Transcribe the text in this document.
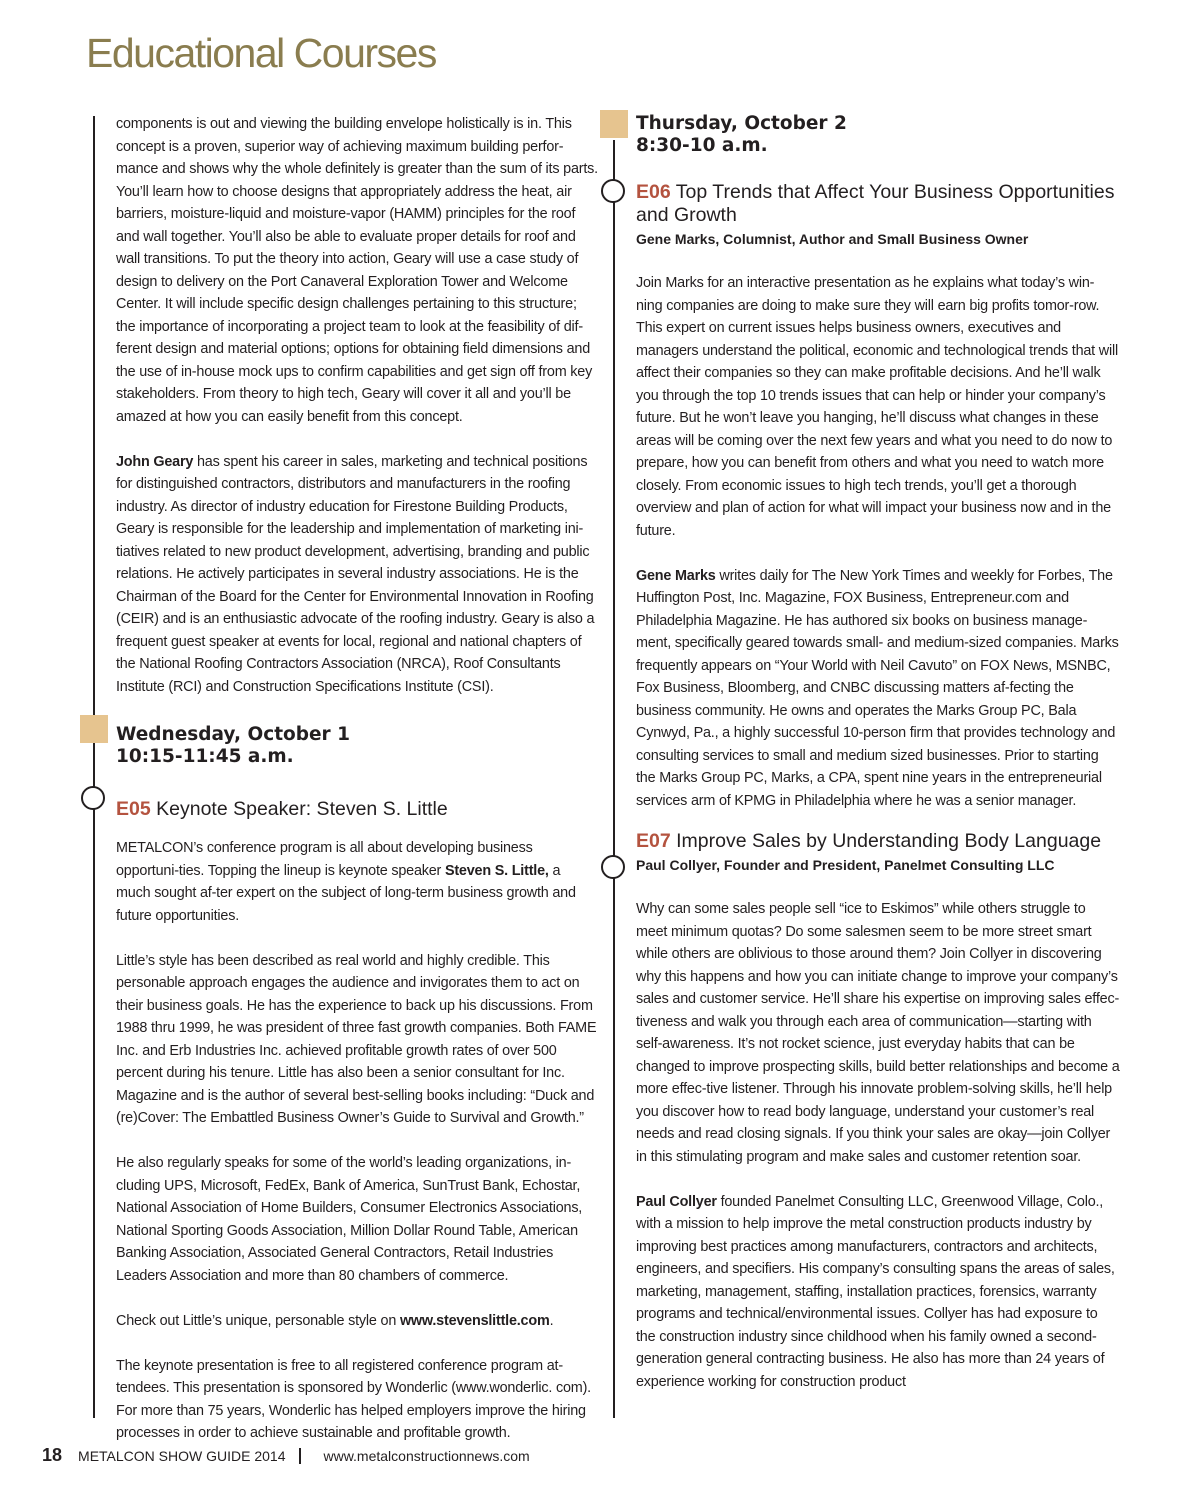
Educational Courses

components is out and viewing the building envelope holistically is in. This concept is a proven, superior way of achieving maximum building perfor-mance and shows why the whole definitely is greater than the sum of its parts. You’ll learn how to choose designs that appropriately address the heat, air barriers, moisture-liquid and moisture-vapor (HAMM) principles for the roof and wall together. You’ll also be able to evaluate proper details for roof and wall transitions. To put the theory into action, Geary will use a case study of design to delivery on the Port Canaveral Exploration Tower and Welcome Center. It will include specific design challenges pertaining to this structure; the importance of incorporating a project team to look at the feasibility of dif-ferent design and material options; options for obtaining field dimensions and the use of in-house mock ups to confirm capabilities and get sign off from key stakeholders. From theory to high tech, Geary will cover it all and you’ll be amazed at how you can easily benefit from this concept.

John Geary has spent his career in sales, marketing and technical positions for distinguished contractors, distributors and manufacturers in the roofing industry. As director of industry education for Firestone Building Products, Geary is responsible for the leadership and implementation of marketing ini-tiatives related to new product development, advertising, branding and public relations. He actively participates in several industry associations. He is the Chairman of the Board for the Center for Environmental Innovation in Roofing (CEIR) and is an enthusiastic advocate of the roofing industry. Geary is also a frequent guest speaker at events for local, regional and national chapters of the National Roofing Contractors Association (NRCA), Roof Consultants Institute (RCI) and Construction Specifications Institute (CSI).

Wednesday, October 1
10:15-11:45 a.m.
E05 Keynote Speaker: Steven S. Little

METALCON’s conference program is all about developing business opportuni-ties. Topping the lineup is keynote speaker Steven S. Little, a much sought af-ter expert on the subject of long-term business growth and future opportunities.

Little’s style has been described as real world and highly credible. This personable approach engages the audience and invigorates them to act on their business goals. He has the experience to back up his discussions. From 1988 thru 1999, he was president of three fast growth companies. Both FAME Inc. and Erb Industries Inc. achieved profitable growth rates of over 500 percent during his tenure. Little has also been a senior consultant for Inc. Magazine and is the author of several best-selling books including: “Duck and (re)Cover: The Embattled Business Owner’s Guide to Survival and Growth.”

He also regularly speaks for some of the world’s leading organizations, in-cluding UPS, Microsoft, FedEx, Bank of America, SunTrust Bank, Echostar, National Association of Home Builders, Consumer Electronics Associations, National Sporting Goods Association, Million Dollar Round Table, American Banking Association, Associated General Contractors, Retail Industries Leaders Association and more than 80 chambers of commerce.

Check out Little’s unique, personable style on www.stevenslittle.com.

The keynote presentation is free to all registered conference program at-tendees. This presentation is sponsored by Wonderlic (www.wonderlic. com). For more than 75 years, Wonderlic has helped employers improve the hiring processes in order to achieve sustainable and profitable growth.

Thursday, October 2
8:30-10 a.m.
E06 Top Trends that Affect Your Business Opportunities and Growth
Gene Marks, Columnist, Author and Small Business Owner

Join Marks for an interactive presentation as he explains what today’s win-ning companies are doing to make sure they will earn big profits tomor-row. This expert on current issues helps business owners, executives and managers understand the political, economic and technological trends that will affect their companies so they can make profitable decisions. And he’ll walk you through the top 10 trends issues that can help or hinder your company’s future. But he won’t leave you hanging, he’ll discuss what changes in these areas will be coming over the next few years and what you need to do now to prepare, how you can benefit from others and what you need to watch more closely. From economic issues to high tech trends, you’ll get a thorough overview and plan of action for what will impact your business now and in the future.

Gene Marks writes daily for The New York Times and weekly for Forbes, The Huffington Post, Inc. Magazine, FOX Business, Entrepreneur.com and Philadelphia Magazine. He has authored six books on business manage-ment, specifically geared towards small- and medium-sized companies. Marks frequently appears on “Your World with Neil Cavuto” on FOX News, MSNBC, Fox Business, Bloomberg, and CNBC discussing matters af-fecting the business community. He owns and operates the Marks Group PC, Bala Cynwyd, Pa., a highly successful 10-person firm that provides technology and consulting services to small and medium sized businesses. Prior to starting the Marks Group PC, Marks, a CPA, spent nine years in the entrepreneurial services arm of KPMG in Philadelphia where he was a senior manager.

E07 Improve Sales by Understanding Body Language
Paul Collyer, Founder and President, Panelmet Consulting LLC

Why can some sales people sell “ice to Eskimos” while others struggle to meet minimum quotas? Do some salesmen seem to be more street smart while others are oblivious to those around them? Join Collyer in discovering why this happens and how you can initiate change to improve your company’s sales and customer service. He’ll share his expertise on improving sales effec-tiveness and walk you through each area of communication—starting with self-awareness. It’s not rocket science, just everyday habits that can be changed to improve prospecting skills, build better relationships and become a more effec-tive listener. Through his innovate problem-solving skills, he’ll help you discover how to read body language, understand your customer’s real needs and read closing signals. If you think your sales are okay—join Collyer in this stimulating program and make sales and customer retention soar.

Paul Collyer founded Panelmet Consulting LLC, Greenwood Village, Colo., with a mission to help improve the metal construction products industry by improving best practices among manufacturers, contractors and architects, engineers, and specifiers. His company’s consulting spans the areas of sales, marketing, management, staffing, installation practices, forensics, warranty programs and technical/environmental issues. Collyer has had exposure to the construction industry since childhood when his family owned a second-generation general contracting business. He also has more than 24 years of experience working for construction product

18 METALCON SHOW GUIDE 2014	www.metalconstructionnews.com
